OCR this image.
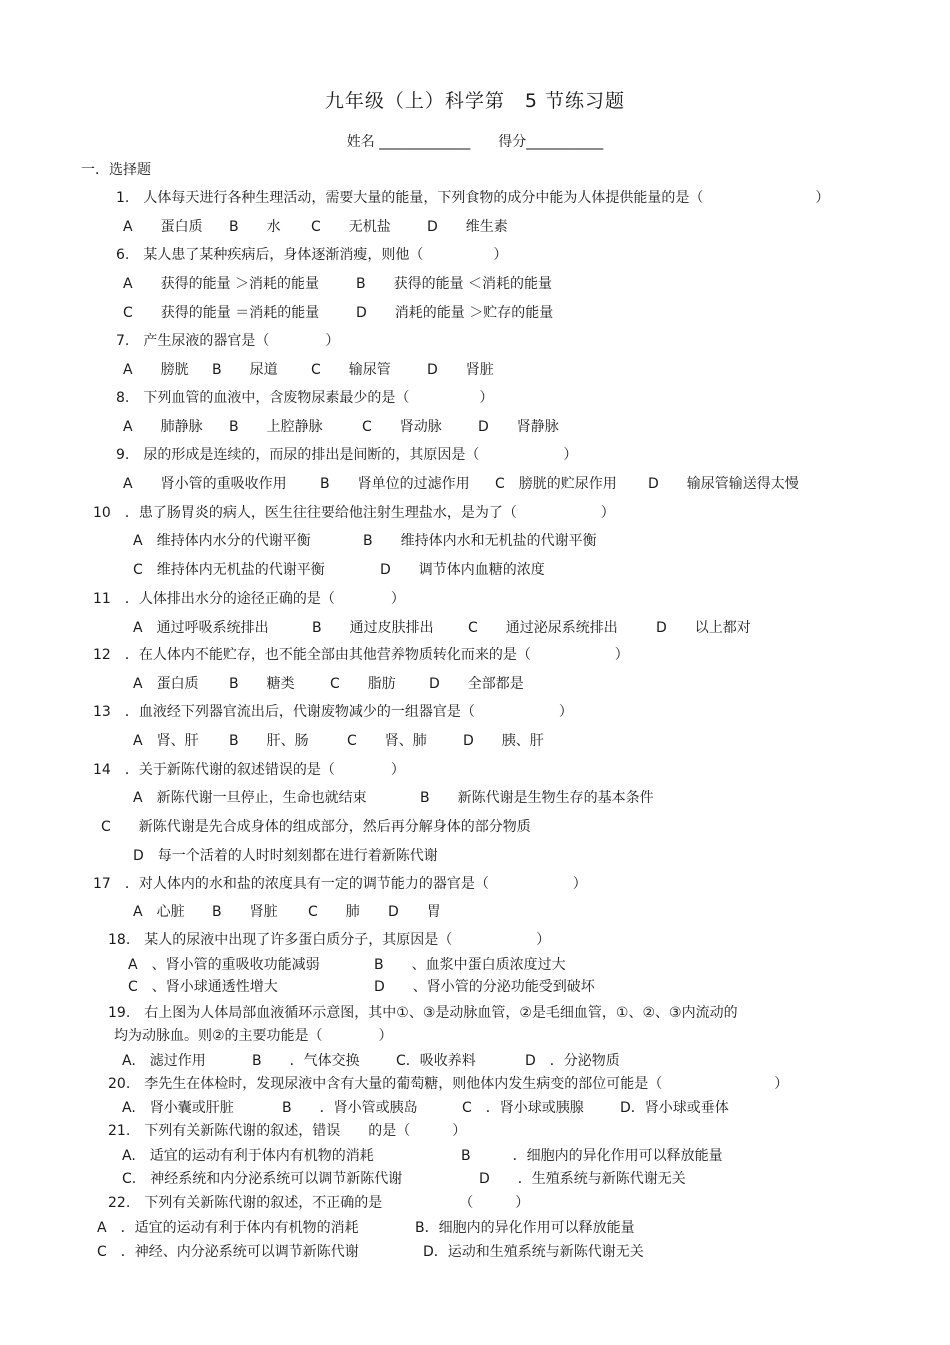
九年级（上）科学第　5 节练习题
姓名 _____________　　得分___________
一．选择题
1.　人体每天进行各种生理活动，需要大量的能量，下列食物的成分中能为人体提供能量的是（　　　　　　　　）
A　　蛋白质 B　　水 C　　无机盐	D　　维生素
6.　某人患了某种疾病后，身体逐渐消瘦，则他（　　　　　）
A　　获得的能量 ＞消耗的能量	B　　获得的能量 ＜消耗的能量
C　　获得的能量 ＝消耗的能量	D　　消耗的能量 ＞贮存的能量
7.　产生尿液的器官是（　　　　）
A　　膀胱 B　　尿道 C　　输尿管	D　　肾脏
8.　下列血管的血液中，含废物尿素最少的是（　　　　　）
A　　肺静脉 B　　上腔静脉	C　　肾动脉	D　　肾静脉
9.　尿的形成是连续的，而尿的排出是间断的，其原因是（　　　　　　）
A　　肾小管的重吸收作用 B　　肾单位的过滤作用 C　膀胱的贮尿作用 D　　输尿管输送得太慢
10　．患了肠胃炎的病人，医生往往要给他注射生理盐水，是为了（　　　　　　）
A　维持体内水分的代谢平衡	B　　维持体内水和无机盐的代谢平衡
C　维持体内无机盐的代谢平衡	D　　调节体内血糖的浓度
11　．人体排出水分的途径正确的是（　　　　）
A　通过呼吸系统排出	B　　通过皮肤排出 C　　通过泌尿系统排出	D　　以上都对
12　．在人体内不能贮存，也不能全部由其他营养物质转化而来的是（　　　　　　）
A　蛋白质 B　　糖类	C　　脂肪 D　　全部都是
13　．血液经下列器官流出后，代谢废物减少的一组器官是（　　　　　　）
A　肾、肝 B　　肝、肠	C　　肾、肺	D　　胰、肝
14　．关于新陈代谢的叙述错误的是（　　　　）
A　新陈代谢一旦停止，生命也就结束	B　　新陈代谢是生物生存的基本条件
C　　新陈代谢是先合成身体的组成部分，然后再分解身体的部分物质
D　每一个活着的人时时刻刻都在进行着新陈代谢
17　．对人体内的水和盐的浓度具有一定的调节能力的器官是（　　　　　　）
A　心脏 B　　肾脏 C　　肺 D　　胃
18.　某人的尿液中出现了许多蛋白质分子，其原因是（　　　　　　）
A　、肾小管的重吸收功能减弱	B　　、血浆中蛋白质浓度过大
C　、肾小球通透性增大	D　　、肾小管的分泌功能受到破坏
19.　右上图为人体局部血液循环示意图，其中①、③是动脉血管，②是毛细血管，①、②、③内流动的
均为动脉血。则②的主要功能是（　　　　）
A.　滤过作用	B　　．气体交换	C．吸收养料	D　．分泌物质
20.　李先生在体检时，发现尿液中含有大量的葡萄糖，则他体内发生病变的部位可能是（　　　　　　　　）
A.　肾小囊或肝脏	B　　．肾小管或胰岛	C　．肾小球或胰腺	D．肾小球或垂体
21.　下列有关新陈代谢的叙述，错误　　的是（　　　）
A.　适宜的运动有利于体内有机物的消耗	B　　　．细胞内的异化作用可以释放能量
C.　神经系统和内分泌系统可以调节新陈代谢	D　　．生殖系统与新陈代谢无关
22.　下列有关新陈代谢的叙述，不正确的是　　　　　　（　　　）
A　．适宜的运动有利于体内有机物的消耗	B．细胞内的异化作用可以释放能量
C　．神经、内分泌系统可以调节新陈代谢	D．运动和生殖系统与新陈代谢无关
